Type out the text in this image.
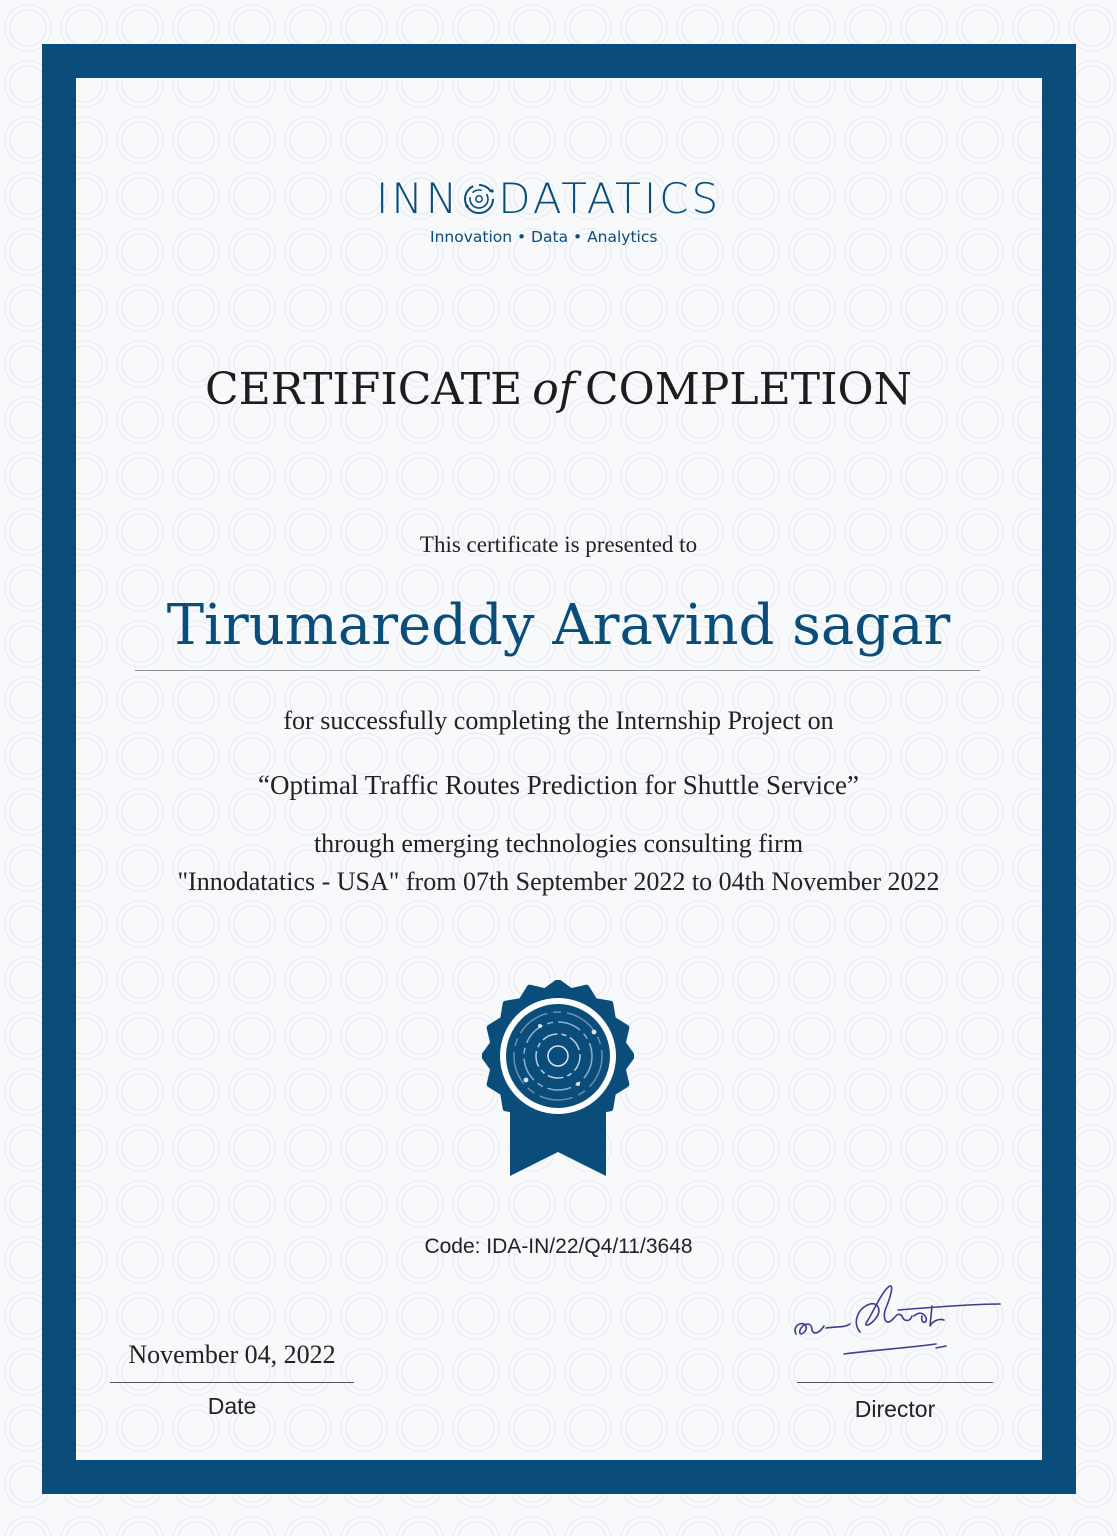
INN DATATICS
Innovation • Data • Analytics
CERTIFICATE of COMPLETION
This certificate is presented to
Tirumareddy Aravind sagar
for successfully completing the Internship Project on
“Optimal Traffic Routes Prediction for Shuttle Service”
through emerging technologies consulting firm
"Innodatatics - USA" from 07th September 2022 to 04th November 2022
Code: IDA-IN/22/Q4/11/3648
November 04, 2022
Date	Director
